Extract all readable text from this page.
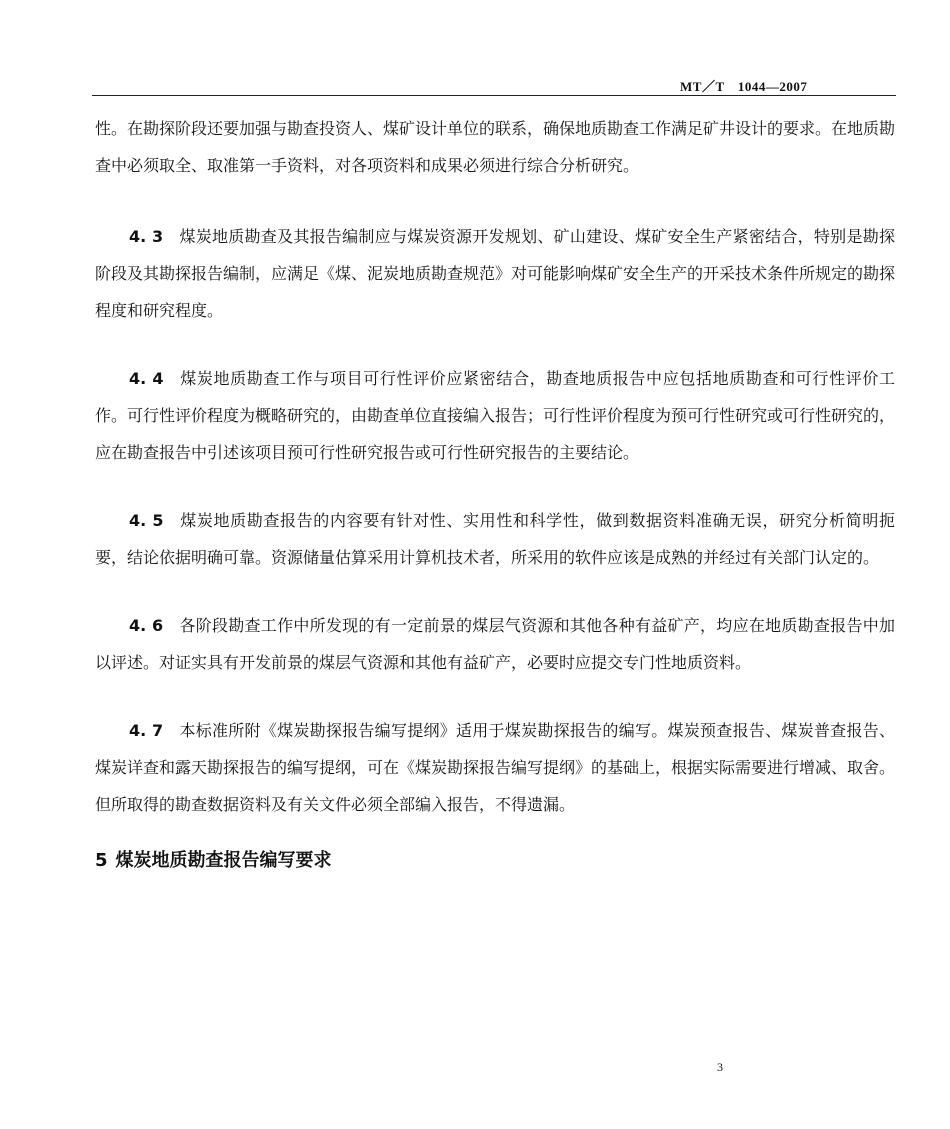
MT／T　1044—2007

性。在勘探阶段还要加强与勘查投资人、煤矿设计单位的联系，确保地质勘查工作满足矿井设计的要求。在地质勘查中必须取全、取准第一手资料，对各项资料和成果必须进行综合分析研究。

4. 3 煤炭地质勘查及其报告编制应与煤炭资源开发规划、矿山建设、煤矿安全生产紧密结合，特别是勘探阶段及其勘探报告编制，应满足《煤、泥炭地质勘查规范》对可能影响煤矿安全生产的开采技术条件所规定的勘探程度和研究程度。

4. 4 煤炭地质勘查工作与项目可行性评价应紧密结合，勘查地质报告中应包括地质勘查和可行性评价工作。可行性评价程度为概略研究的，由勘查单位直接编入报告；可行性评价程度为预可行性研究或可行性研究的，应在勘查报告中引述该项目预可行性研究报告或可行性研究报告的主要结论。

4. 5 煤炭地质勘查报告的内容要有针对性、实用性和科学性，做到数据资料准确无误，研究分析简明扼要，结论依据明确可靠。资源储量估算采用计算机技术者，所采用的软件应该是成熟的并经过有关部门认定的。

4. 6 各阶段勘查工作中所发现的有一定前景的煤层气资源和其他各种有益矿产，均应在地质勘查报告中加以评述。对证实具有开发前景的煤层气资源和其他有益矿产，必要时应提交专门性地质资料。

4. 7 本标准所附《煤炭勘探报告编写提纲》适用于煤炭勘探报告的编写。煤炭预查报告、煤炭普查报告、煤炭详查和露天勘探报告的编写提纲，可在《煤炭勘探报告编写提纲》的基础上，根据实际需要进行增减、取舍。但所取得的勘查数据资料及有关文件必须全部编入报告，不得遗漏。

5 煤炭地质勘查报告编写要求
3
